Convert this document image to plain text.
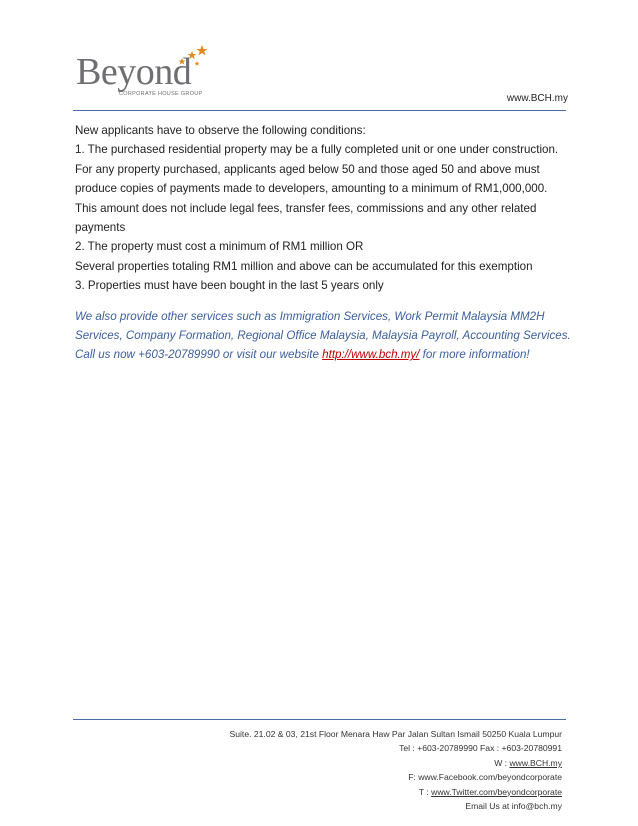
Beyond
CORPORATE HOUSE GROUP	www.BCH.my

New applicants have to observe the following conditions:

1. The purchased residential property may be a fully completed unit or one under construction.

For any property purchased, applicants aged below 50 and those aged 50 and above must

produce copies of payments made to developers, amounting to a minimum of RM1,000,000.

This amount does not include legal fees, transfer fees, commissions and any other related

payments

2. The property must cost a minimum of RM1 million OR

Several properties totaling RM1 million and above can be accumulated for this exemption

3. Properties must have been bought in the last 5 years only

We also provide other services such as Immigration Services, Work Permit Malaysia MM2H

Services, Company Formation, Regional Office Malaysia, Malaysia Payroll, Accounting Services.

Call us now +603-20789990 or visit our website http://www.bch.my/ for more information!

Suite. 21.02 & 03, 21st Floor Menara Haw Par Jalan Sultan Ismail 50250 Kuala Lumpur

Tel : +603-20789990 Fax : +603-20780991

W : www.BCH.my

F: www.Facebook.com/beyondcorporate

T : www.Twitter.com/beyondcorporate

Email Us at info@bch.my
